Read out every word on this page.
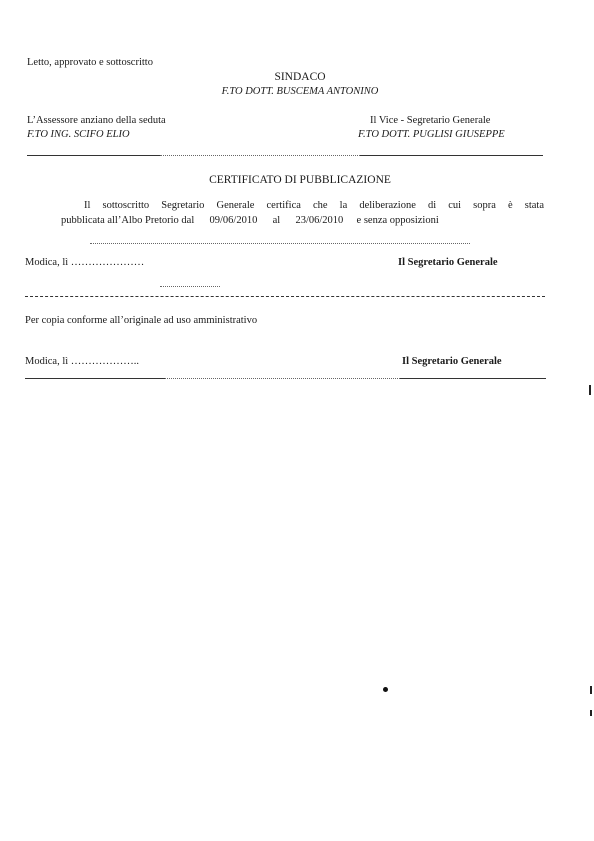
Letto, approvato e sottoscritto
SINDACO
F.TO DOTT. BUSCEMA ANTONINO
L’Assessore anziano della seduta
F.TO ING. SCIFO ELIO
Il Vice - Segretario Generale
F.TO DOTT. PUGLISI GIUSEPPE
CERTIFICATO DI PUBBLICAZIONE
Il sottoscritto Segretario Generale certifica che la deliberazione di cui sopra è stata
pubblicata all’Albo Pretorio dal 09/06/2010 al 23/06/2010 e senza opposizioni
Modica, lì …………………	Il Segretario Generale
Per copia conforme all’originale ad uso amministrativo
Modica, lì ………………..	Il Segretario Generale
